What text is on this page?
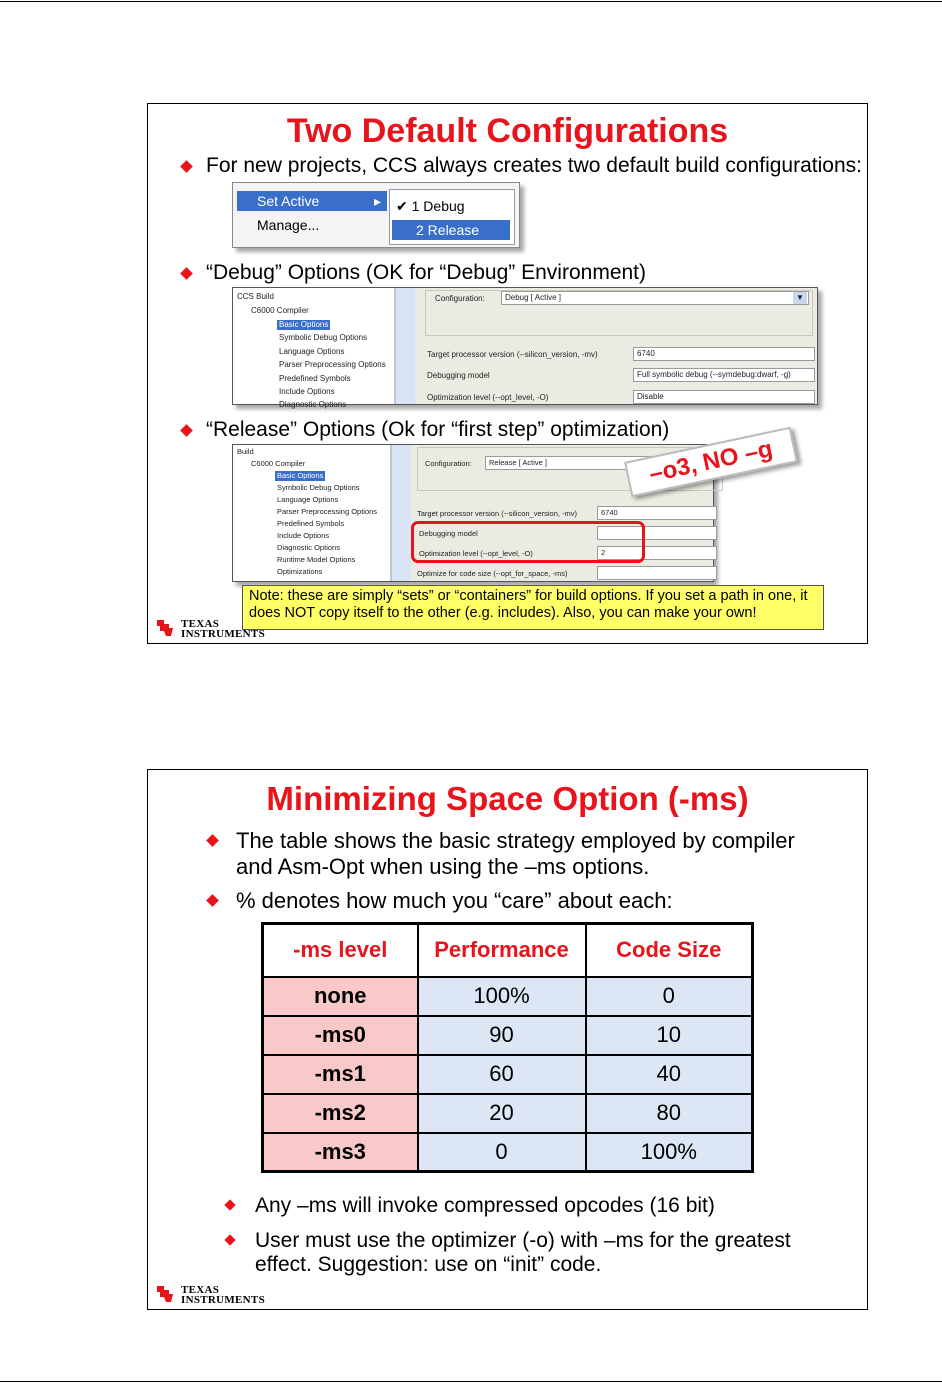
Two Default Configurations
For new projects, CCS always creates two default build configurations:
Set Active	▸
Manage...
✔ 1 Debug
2 Release
“Debug” Options (OK for “Debug” Environment)
CCS Build
C6000 Compiler
Basic Options
Symbolic Debug Options
Language Options
Parser Preprocessing Options
Predefined Symbols
Include Options
Diagnostic Options
Configuration:	Debug [ Active ]	▼
Target processor version (--silicon_version, -mv)	6740
Debugging model	Full symbolic debug (--symdebug:dwarf, -g)
Optimization level (--opt_level, -O)	Disable
“Release” Options (Ok for “first step” optimization)
Build
C6000 Compiler
Basic Options
Symbolic Debug Options
Language Options
Parser Preprocessing Options
Predefined Symbols
Include Options
Diagnostic Options
Runtime Model Options
Optimizations
Configuration:	Release [ Active ]
Target processor version (--silicon_version, -mv)	6740
Debugging model
Optimization level (--opt_level, -O)	2
Optimize for code size (--opt_for_space, -ms)
–o3, NO –g
Note: these are simply “sets” or “containers” for build options. If you set a path in one, it does NOT copy itself to the other (e.g. includes). Also, you can make your own!
TEXAS
INSTRUMENTS
Minimizing Space Option (-ms)
The table shows the basic strategy employed by compiler and Asm-Opt when using the –ms options.
% denotes how much you “care” about each:
-ms level	Performance	Code Size
none	100%	0
-ms0	90	10
-ms1	60	40
-ms2	20	80
-ms3	0	100%
Any –ms will invoke compressed opcodes (16 bit)
User must use the optimizer (-o) with –ms for the greatest effect. Suggestion: use on “init” code.
TEXAS
INSTRUMENTS
